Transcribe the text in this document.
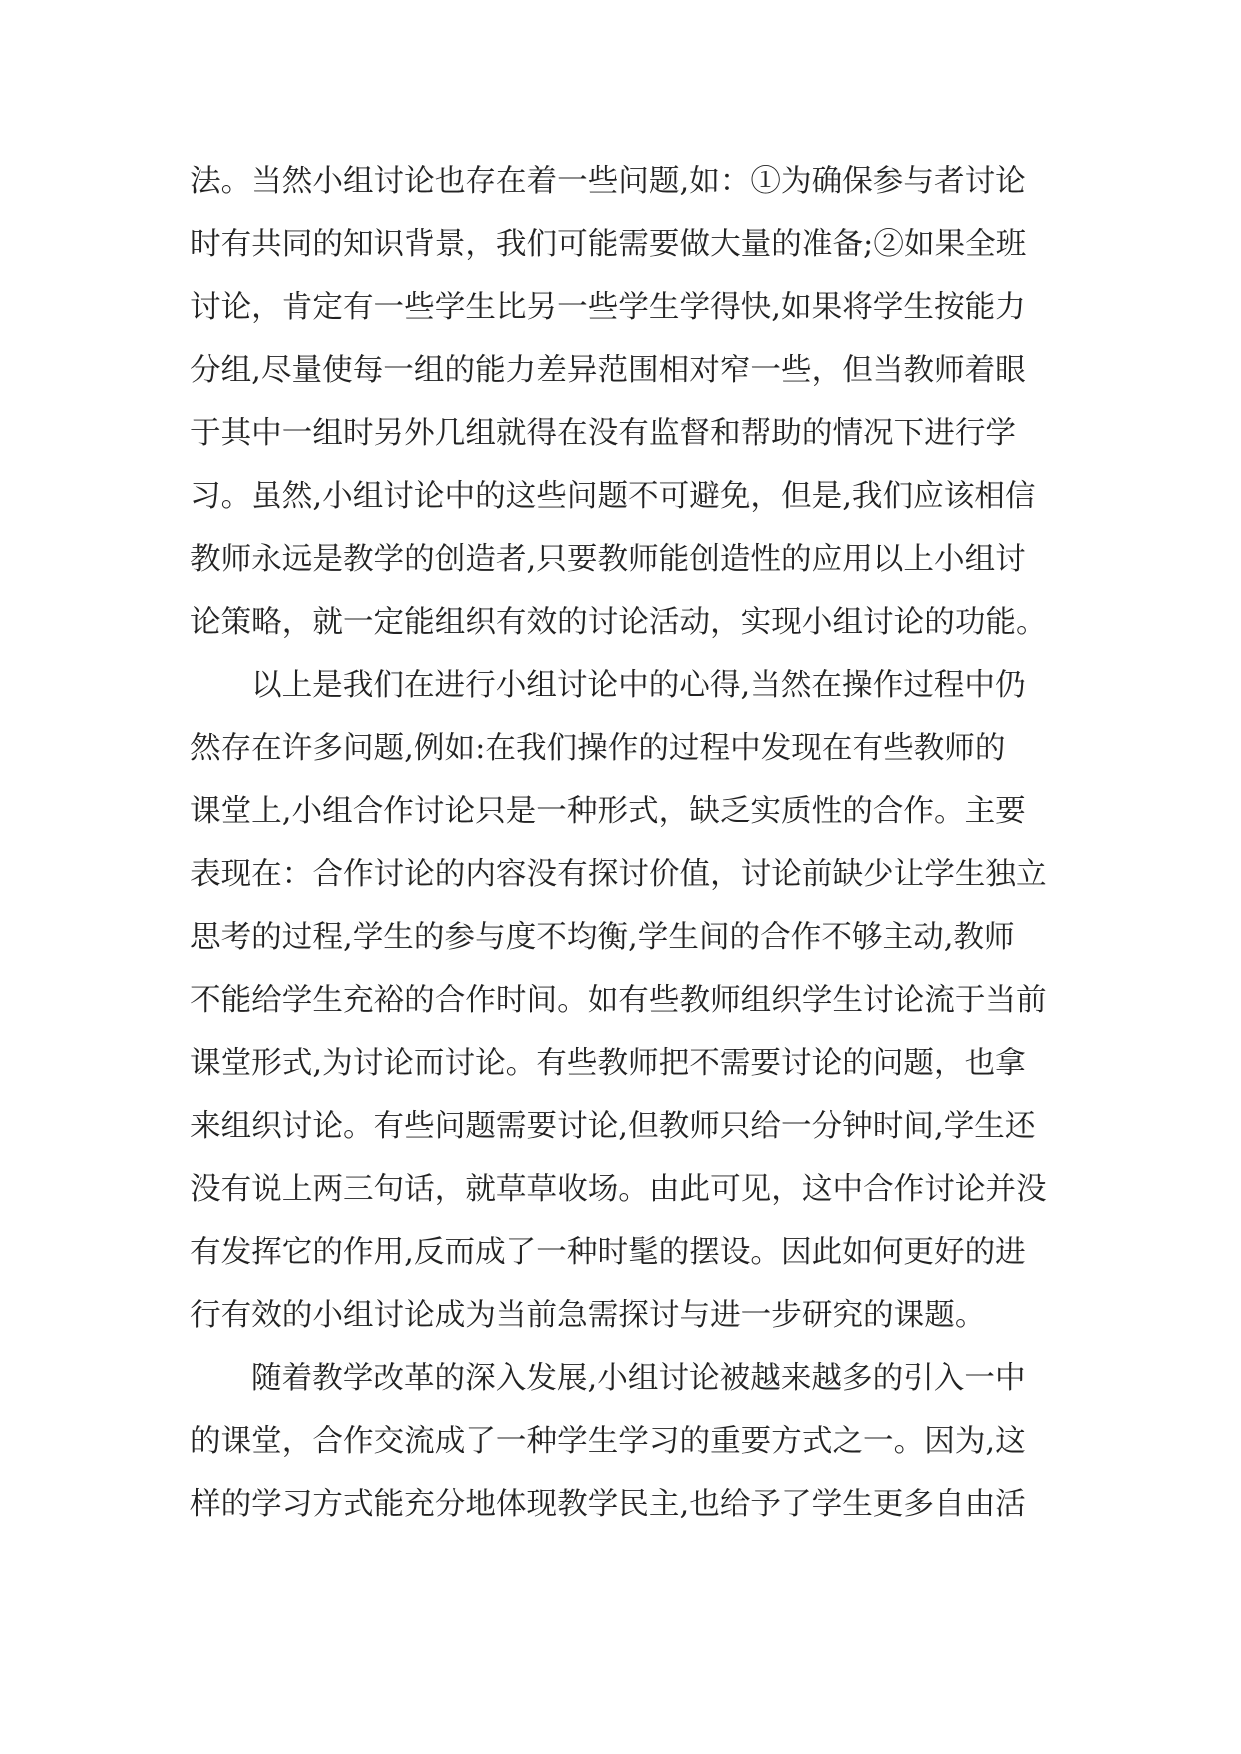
法。当然小组讨论也存在着一些问题,如：①为确保参与者讨论
时有共同的知识背景，我们可能需要做大量的准备;②如果全班
讨论，肯定有一些学生比另一些学生学得快,如果将学生按能力
分组,尽量使每一组的能力差异范围相对窄一些，但当教师着眼
于其中一组时另外几组就得在没有监督和帮助的情况下进行学
习。虽然,小组讨论中的这些问题不可避免，但是,我们应该相信
教师永远是教学的创造者,只要教师能创造性的应用以上小组讨
论策略，就一定能组织有效的讨论活动，实现小组讨论的功能。
以上是我们在进行小组讨论中的心得,当然在操作过程中仍
然存在许多问题,例如:在我们操作的过程中发现在有些教师的
课堂上,小组合作讨论只是一种形式，缺乏实质性的合作。主要
表现在：合作讨论的内容没有探讨价值，讨论前缺少让学生独立
思考的过程,学生的参与度不均衡,学生间的合作不够主动,教师
不能给学生充裕的合作时间。如有些教师组织学生讨论流于当前
课堂形式,为讨论而讨论。有些教师把不需要讨论的问题，也拿
来组织讨论。有些问题需要讨论,但教师只给一分钟时间,学生还
没有说上两三句话，就草草收场。由此可见，这中合作讨论并没
有发挥它的作用,反而成了一种时髦的摆设。因此如何更好的进
行有效的小组讨论成为当前急需探讨与进一步研究的课题。
随着教学改革的深入发展,小组讨论被越来越多的引入一中
的课堂，合作交流成了一种学生学习的重要方式之一。因为,这
样的学习方式能充分地体现教学民主,也给予了学生更多自由活
